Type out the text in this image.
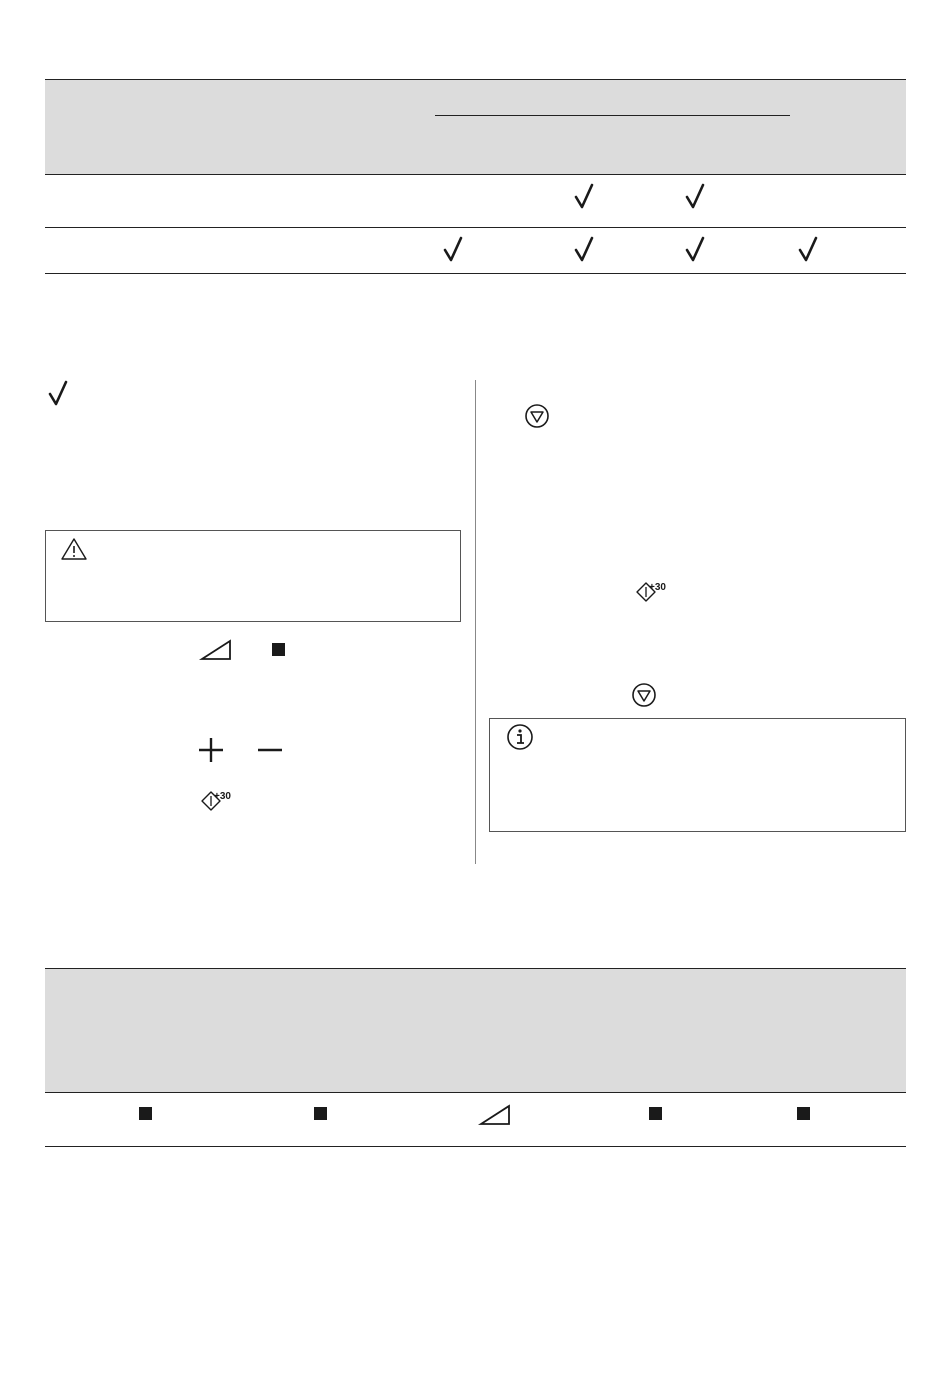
+30
+30
